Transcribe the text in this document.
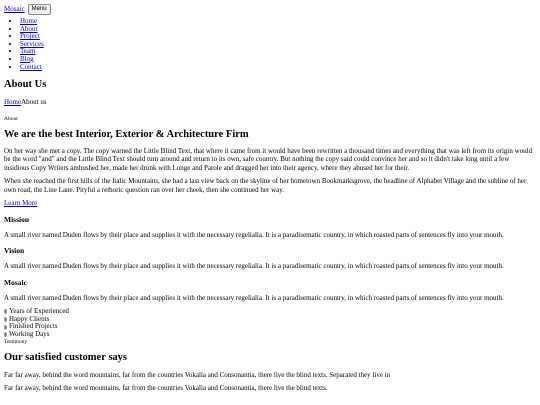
Mosaic	Menu
• Home
• About
• Project
• Services
• Team
• Blog
• Contact
About Us
HomeAbout us
About
We are the best Interior, Exterior & Architecture Firm

On her way she met a copy. The copy warned the Little Blind Text, that where it came from it would have been rewritten a thousand times and everything that was left from its origin would be the word "and" and the Little Blind Text should turn around and return to its own, safe country. But nothing the copy said could convince her and so it didn't take long until a few insidious Copy Writers ambushed her, made her drunk with Longe and Parole and dragged her into their agency, where they abused her for their.

When she reached the first hills of the Italic Mountains, she had a last view back on the skyline of her hometown Bookmarksgrove, the headline of Alphabet Village and the subline of her own road, the Line Lane. Pityful a rethoric question ran over her cheek, then she continued her way.

Learn More
Mission

A small river named Duden flows by their place and supplies it with the necessary regelialia. It is a paradisematic country, in which roasted parts of sentences fly into your mouth.

Vision

A small river named Duden flows by their place and supplies it with the necessary regelialia. It is a paradisematic country, in which roasted parts of sentences fly into your mouth.

Mosaic

A small river named Duden flows by their place and supplies it with the necessary regelialia. It is a paradisematic country, in which roasted parts of sentences fly into your mouth.

Years of Experienced
Happy Clients
Finished Projects
Working Days
Testimony
Our satisfied customer says

Far far away, behind the word mountains, far from the countries Vokalia and Consonantia, there live the blind texts. Separated they live in

Far far away, behind the word mountains, far from the countries Vokalia and Consonantia, there live the blind texts.
